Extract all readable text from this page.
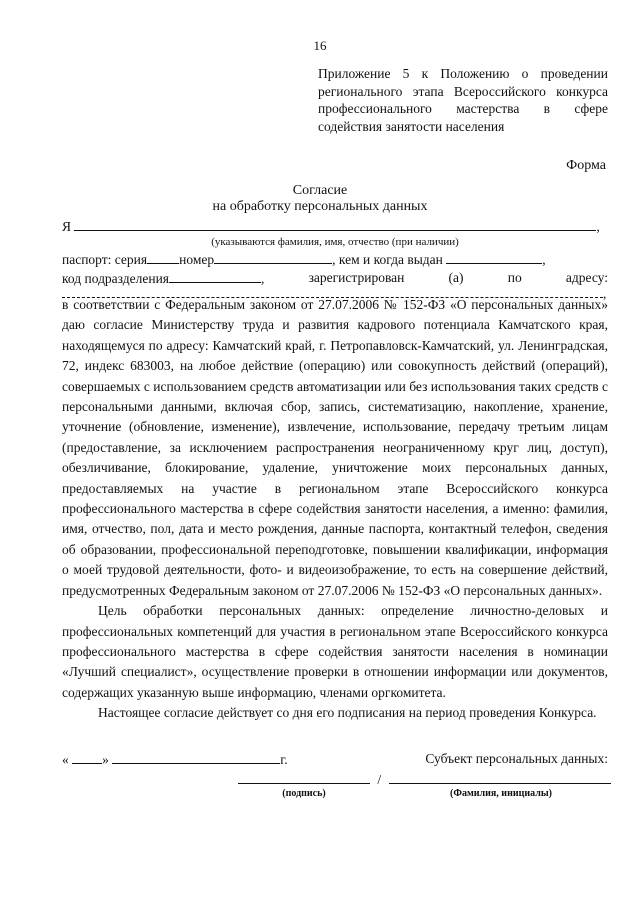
16
Приложение 5 к Положению о проведении регионального этапа Всероссийского конкурса профессионального мастерства в сфере содействия занятости населения
Форма
Согласие
на обработку персональных данных
Я	,
(указываются фамилия, имя, отчество (при наличии)
паспорт: серия номер	, кем и когда выдан	,
код подразделения	,	зарегистрирован	(а)	по	адресу:
,

в соответствии с Федеральным законом от 27.07.2006 № 152-ФЗ «О персональных данных» даю согласие Министерству труда и развития кадрового потенциала Камчатского края, находящемуся по адресу: Камчатский край, г. Петропавловск-Камчатский, ул. Ленинградская, 72, индекс 683003, на любое действие (операцию) или совокупность действий (операций), совершаемых с использованием средств автоматизации или без использования таких средств с персональными данными, включая сбор, запись, систематизацию, накопление, хранение, уточнение (обновление, изменение), извлечение, использование, передачу третьим лицам (предоставление, за исключением распространения неограниченному круг лиц, доступ), обезличивание, блокирование, удаление, уничтожение моих персональных данных, предоставляемых на участие в региональном этапе Всероссийского конкурса профессионального мастерства в сфере содействия занятости населения, а именно: фамилия, имя, отчество, пол, дата и место рождения, данные паспорта, контактный телефон, сведения об образовании, профессиональной переподготовке, повышении квалификации, информация о моей трудовой деятельности, фото- и видеоизображение, то есть на совершение действий, предусмотренных Федеральным законом от 27.07.2006 № 152-ФЗ «О персональных данных».

Цель обработки персональных данных: определение личностно-деловых и профессиональных компетенций для участия в региональном этапе Всероссийского конкурса профессионального мастерства в сфере содействия занятости населения в номинации «Лучший специалист», осуществление проверки в отношении информации или документов, содержащих указанную выше информацию, членами оргкомитета.

Настоящее согласие действует со дня его подписания на период проведения Конкурса.

« »	г.	Субъект персональных данных:
/
(подпись)	(Фамилия, инициалы)
